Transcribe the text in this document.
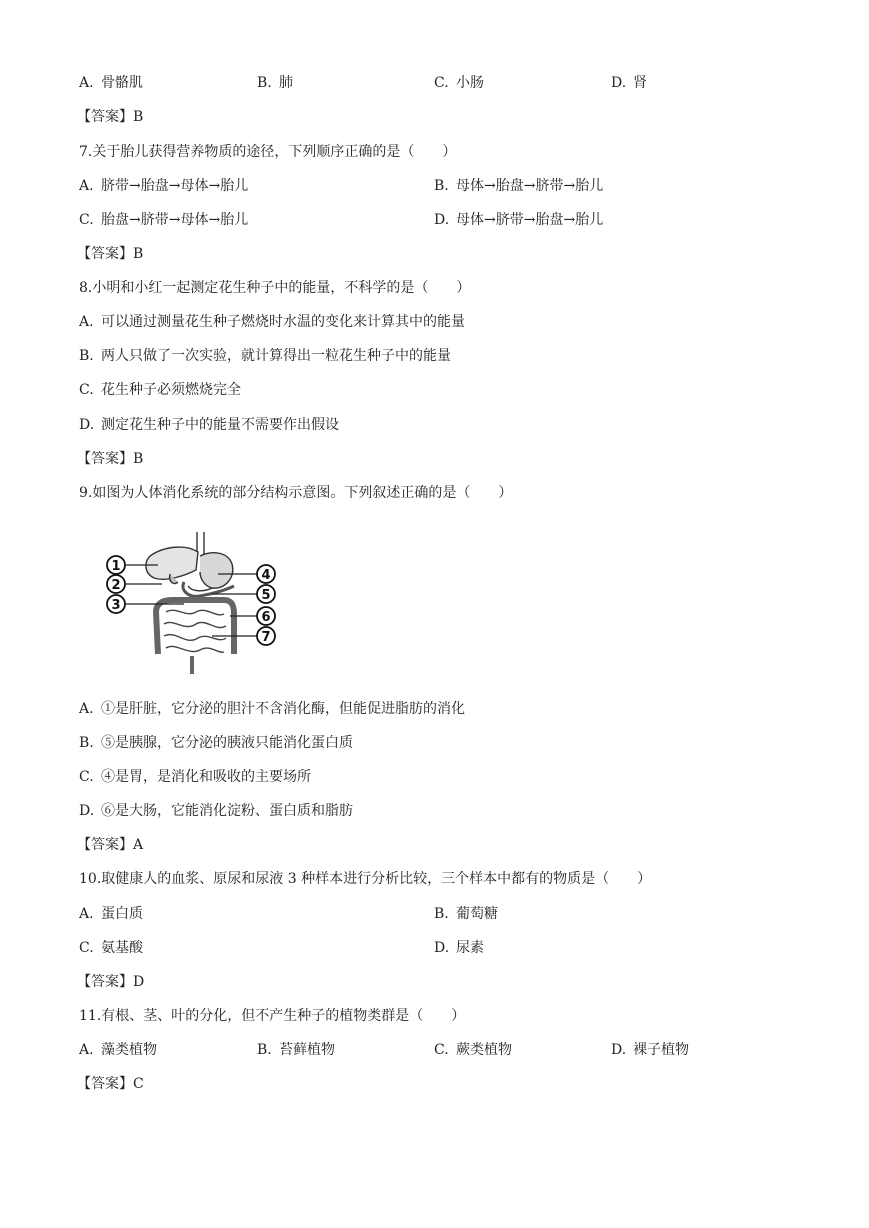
A. 骨骼肌	B. 肺	C. 小肠	D. 肾
【答案】B
7.关于胎儿获得营养物质的途径，下列顺序正确的是（　　）
A. 脐带→胎盘→母体→胎儿	B. 母体→胎盘→脐带→胎儿
C. 胎盘→脐带→母体→胎儿	D. 母体→脐带→胎盘→胎儿
【答案】B
8.小明和小红一起测定花生种子中的能量，不科学的是（　　）
A. 可以通过测量花生种子燃烧时水温的变化来计算其中的能量
B. 两人只做了一次实验，就计算得出一粒花生种子中的能量
C. 花生种子必须燃烧完全
D. 测定花生种子中的能量不需要作出假设
【答案】B
9.如图为人体消化系统的部分结构示意图。下列叙述正确的是（　　）
1
2
3
4
5
6
7
A. ①是肝脏，它分泌的胆汁不含消化酶，但能促进脂肪的消化
B. ⑤是胰腺，它分泌的胰液只能消化蛋白质
C. ④是胃，是消化和吸收的主要场所
D. ⑥是大肠，它能消化淀粉、蛋白质和脂肪
【答案】A
10.取健康人的血浆、原尿和尿液 3 种样本进行分析比较，三个样本中都有的物质是（　　）
A. 蛋白质	B. 葡萄糖
C. 氨基酸	D. 尿素
【答案】D
11.有根、茎、叶的分化，但不产生种子的植物类群是（　　）
A. 藻类植物	B. 苔藓植物	C. 蕨类植物	D. 裸子植物
【答案】C
